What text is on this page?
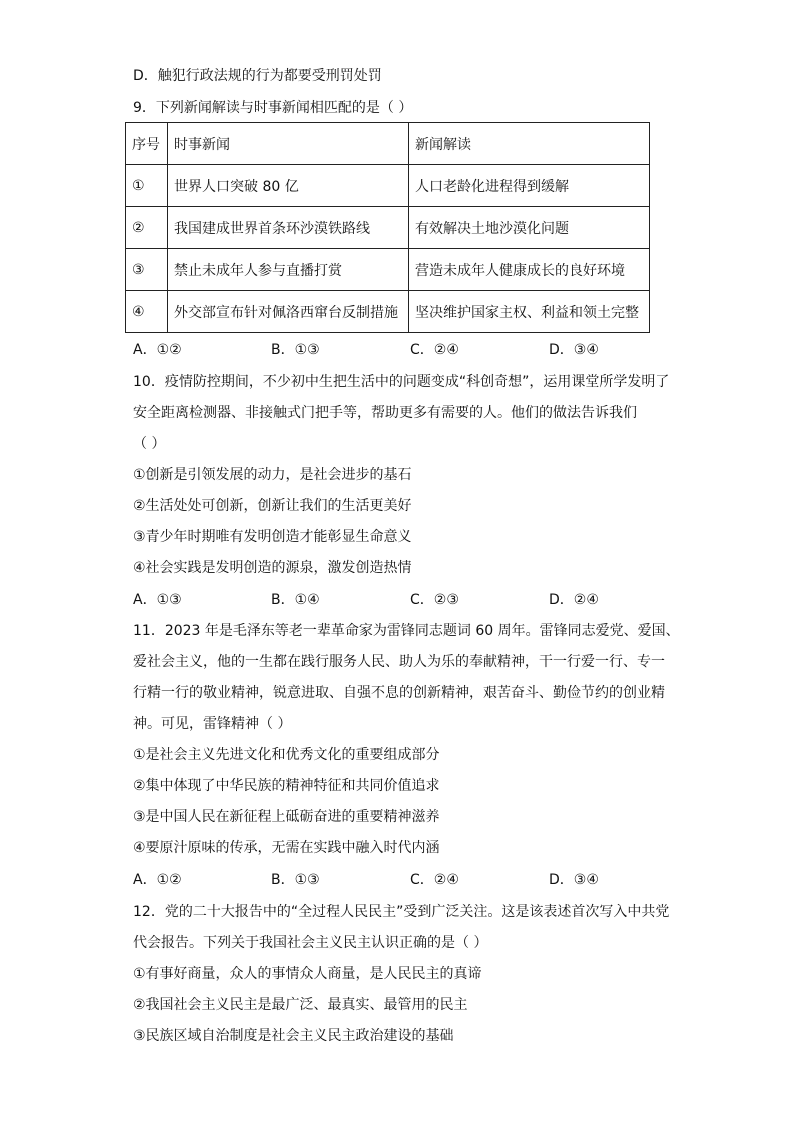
D．触犯行政法规的行为都要受刑罚处罚
9．下列新闻解读与时事新闻相匹配的是（ ）
序号	时事新闻	新闻解读
①	世界人口突破 80 亿	人口老龄化进程得到缓解
②	我国建成世界首条环沙漠铁路线	有效解决土地沙漠化问题
③	禁止未成年人参与直播打赏	营造未成年人健康成长的良好环境
④	外交部宣布针对佩洛西窜台反制措施	坚决维护国家主权、利益和领土完整
A．①②	B．①③	C．②④	D．③④
10．疫情防控期间，不少初中生把生活中的问题变成“科创奇想”，运用课堂所学发明了
安全距离检测器、非接触式门把手等，帮助更多有需要的人。他们的做法告诉我们
（ ）
①创新是引领发展的动力，是社会进步的基石
②生活处处可创新，创新让我们的生活更美好
③青少年时期唯有发明创造才能彰显生命意义
④社会实践是发明创造的源泉，激发创造热情
A．①③	B．①④	C．②③	D．②④
11．2023 年是毛泽东等老一辈革命家为雷锋同志题词 60 周年。雷锋同志爱党、爱国、
爱社会主义，他的一生都在践行服务人民、助人为乐的奉献精神，干一行爱一行、专一
行精一行的敬业精神，锐意进取、自强不息的创新精神，艰苦奋斗、勤俭节约的创业精
神。可见，雷锋精神（ ）
①是社会主义先进文化和优秀文化的重要组成部分
②集中体现了中华民族的精神特征和共同价值追求
③是中国人民在新征程上砥砺奋进的重要精神滋养
④要原汁原味的传承，无需在实践中融入时代内涵
A．①②	B．①③	C．②④	D．③④
12．党的二十大报告中的“全过程人民民主”受到广泛关注。这是该表述首次写入中共党
代会报告。下列关于我国社会主义民主认识正确的是（ ）
①有事好商量，众人的事情众人商量，是人民民主的真谛
②我国社会主义民主是最广泛、最真实、最管用的民主
③民族区域自治制度是社会主义民主政治建设的基础
